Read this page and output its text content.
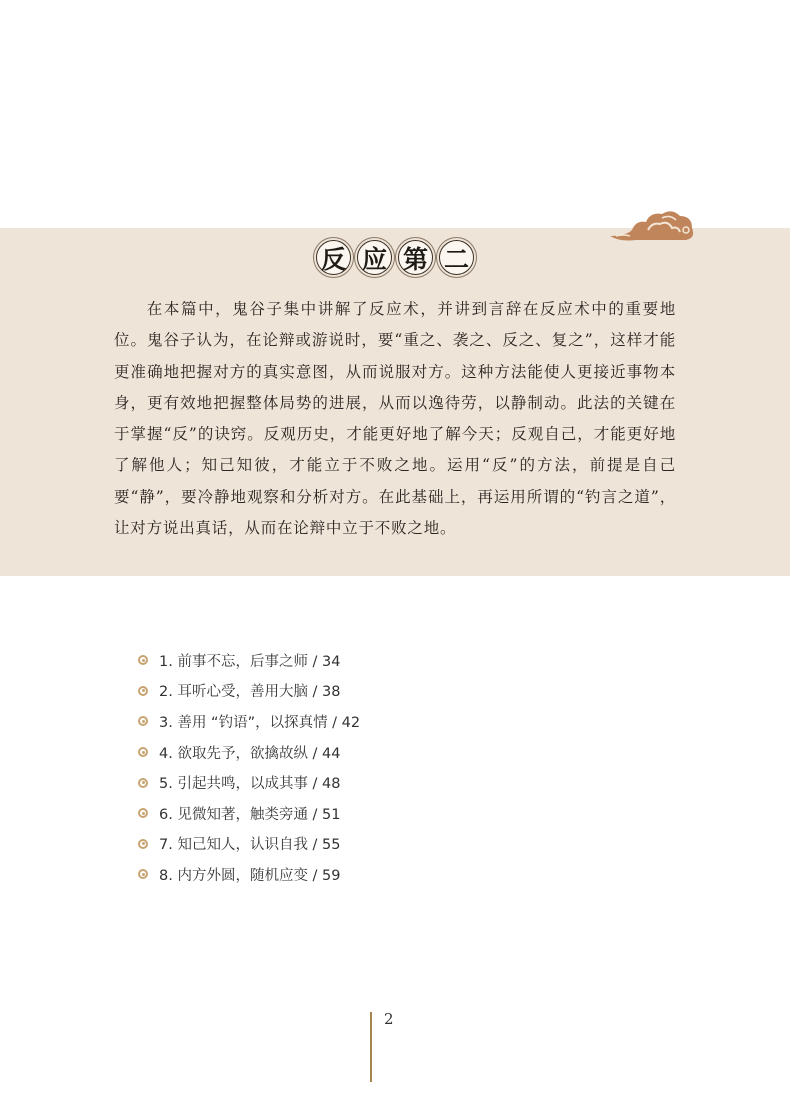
反 应 第 二
在本篇中，鬼谷子集中讲解了反应术，并讲到言辞在反应术中的重要地位。鬼谷子认为，在论辩或游说时，要“重之、袭之、反之、复之”，这样才能更准确地把握对方的真实意图，从而说服对方。这种方法能使人更接近事物本身，更有效地把握整体局势的进展，从而以逸待劳，以静制动。此法的关键在于掌握“反”的诀窍。反观历史，才能更好地了解今天；反观自己，才能更好地了解他人；知己知彼，才能立于不败之地。运用“反”的方法，前提是自己要“静”，要冷静地观察和分析对方。在此基础上，再运用所谓的“钓言之道”，让对方说出真话，从而在论辩中立于不败之地。
1. 前事不忘，后事之师 / 34
2. 耳听心受，善用大脑 / 38
3. 善用 “钓语”，以探真情 / 42
4. 欲取先予，欲擒故纵 / 44
5. 引起共鸣，以成其事 / 48
6. 见微知著，触类旁通 / 51
7. 知己知人，认识自我 / 55
8. 内方外圆，随机应变 / 59
2
